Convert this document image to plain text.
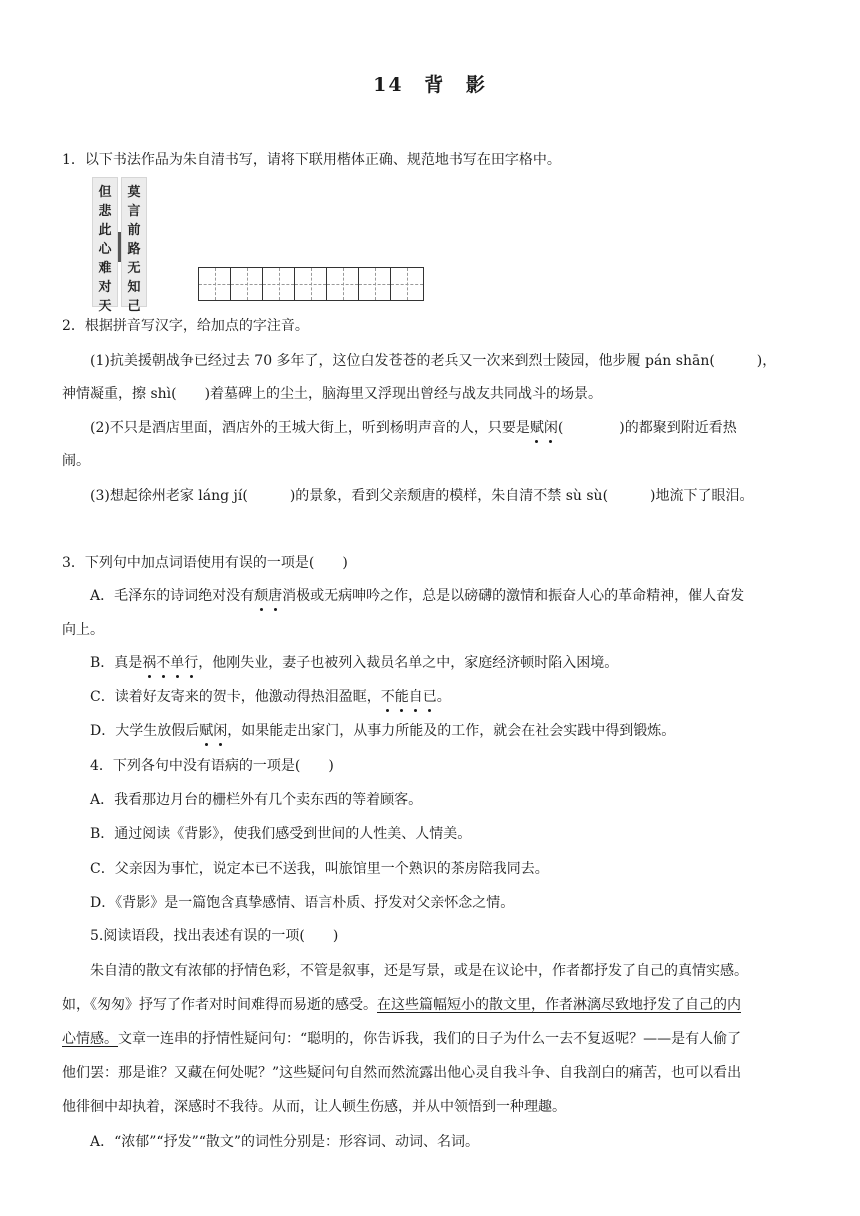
14 背 影
1．以下书法作品为朱自清书写，请将下联用楷体正确、规范地书写在田字格中。
但
悲
此
心
难
对
天
莫
言
前
路
无
知
己
2．根据拼音写汉字，给加点的字注音。
(1)抗美援朝战争已经过去 70 多年了，这位白发苍苍的老兵又一次来到烈士陵园，他步履 pán shān(　　　)，
神情凝重，擦 shì(　　)着墓碑上的尘土，脑海里又浮现出曾经与战友共同战斗的场景。
(2)不只是酒店里面，酒店外的王城大街上，听到杨明声音的人，只要是赋闲(　　　　)的都聚到附近看热
闹。
(3)想起徐州老家 láng jí(　　　)的景象，看到父亲颓唐的模样，朱自清不禁 sù sù(　　　)地流下了眼泪。
3．下列句中加点词语使用有误的一项是(　　)
A．毛泽东的诗词绝对没有颓唐消极或无病呻吟之作，总是以磅礴的激情和振奋人心的革命精神，催人奋发
向上。
B．真是祸不单行，他刚失业，妻子也被列入裁员名单之中，家庭经济顿时陷入困境。
C．读着好友寄来的贺卡，他激动得热泪盈眶，不能自已。
D．大学生放假后赋闲，如果能走出家门，从事力所能及的工作，就会在社会实践中得到锻炼。
4．下列各句中没有语病的一项是(　　)
A．我看那边月台的栅栏外有几个卖东西的等着顾客。
B．通过阅读《背影》，使我们感受到世间的人性美、人情美。
C．父亲因为事忙，说定本已不送我，叫旅馆里一个熟识的茶房陪我同去。
D．《背影》是一篇饱含真挚感情、语言朴质、抒发对父亲怀念之情。
5.阅读语段，找出表述有误的一项(　　)
朱自清的散文有浓郁的抒情色彩，不管是叙事，还是写景，或是在议论中，作者都抒发了自己的真情实感。
如，《匆匆》抒写了作者对时间难得而易逝的感受。在这些篇幅短小的散文里，作者淋漓尽致地抒发了自己的内
心情感。文章一连串的抒情性疑问句：“聪明的，你告诉我，我们的日子为什么一去不复返呢？——是有人偷了
他们罢：那是谁？又藏在何处呢？”这些疑问句自然而然流露出他心灵自我斗争、自我剖白的痛苦，也可以看出
他徘徊中却执着，深感时不我待。从而，让人顿生伤感，并从中领悟到一种理趣。
A．“浓郁”“抒发”“散文”的词性分别是：形容词、动词、名词。
